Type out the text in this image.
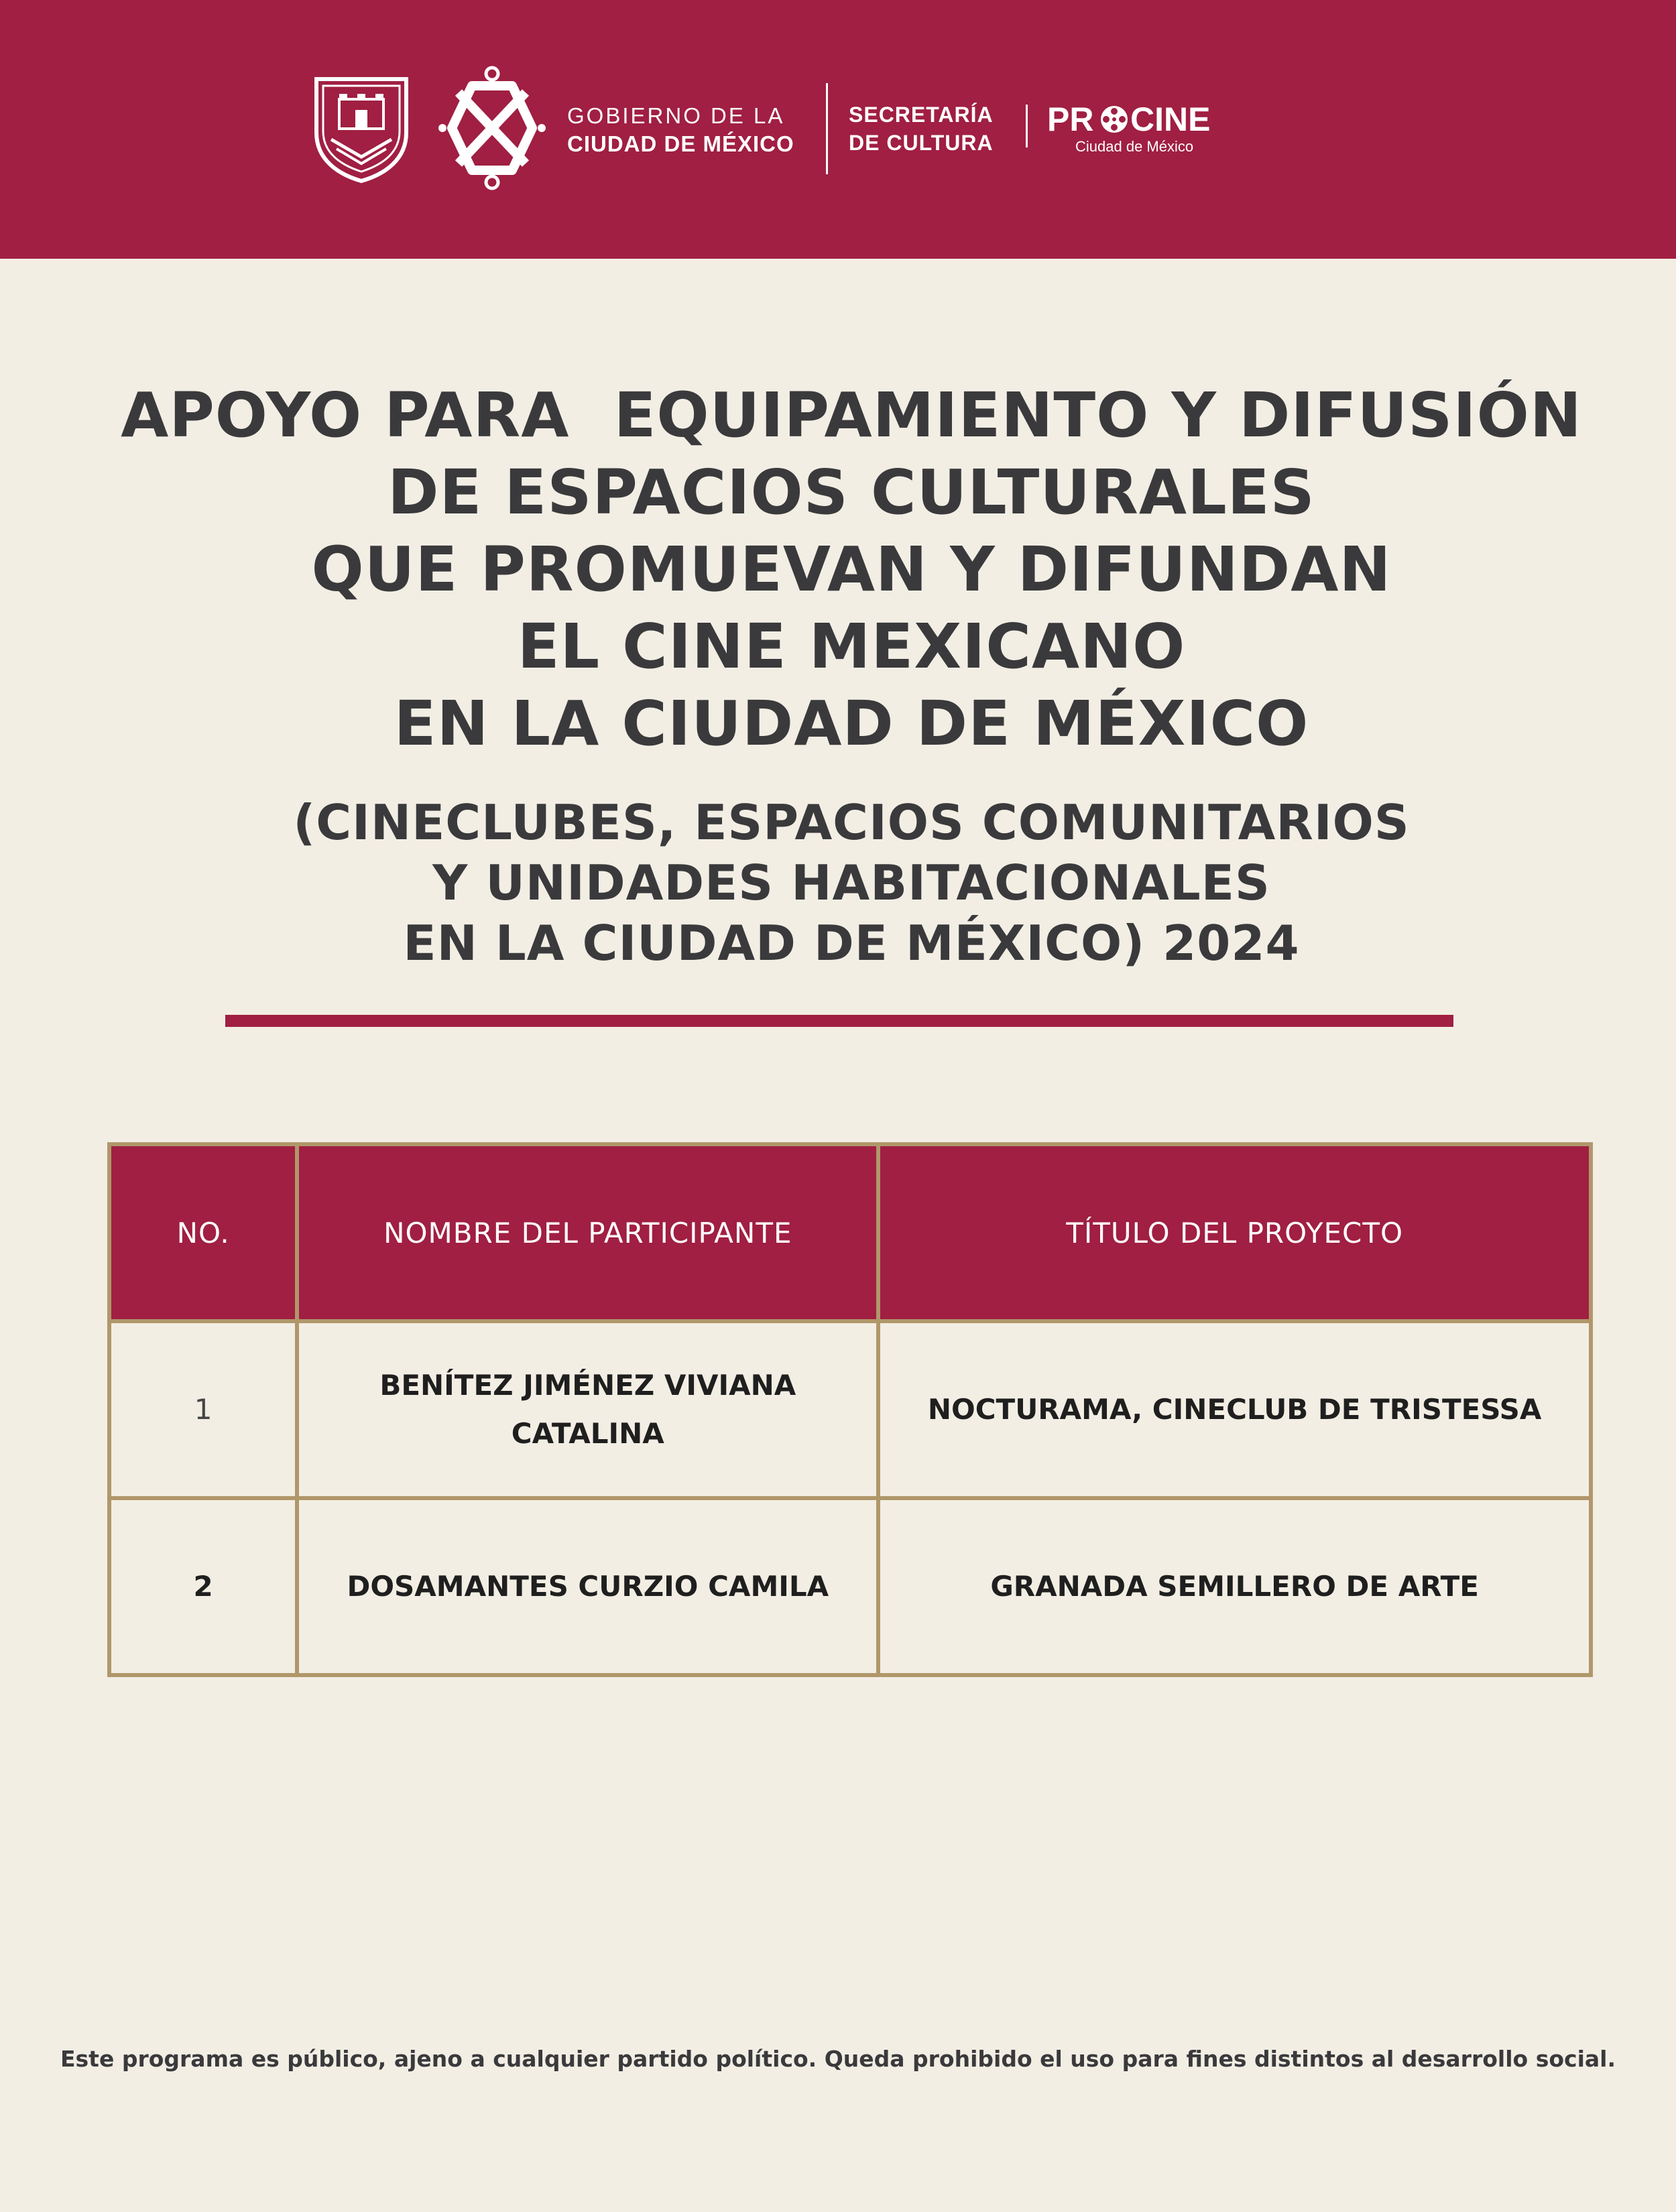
GOBIERNO DE LA
CIUDAD DE MÉXICO
SECRETARÍA
DE CULTURA
PR CINE
Ciudad de México
APOYO PARA  EQUIPAMIENTO Y DIFUSIÓN
DE ESPACIOS CULTURALES
QUE PROMUEVAN Y DIFUNDAN
EL CINE MEXICANO
EN LA CIUDAD DE MÉXICO
(CINECLUBES, ESPACIOS COMUNITARIOS
Y UNIDADES HABITACIONALES
EN LA CIUDAD DE MÉXICO) 2024
NO.	NOMBRE DEL PARTICIPANTE	TÍTULO DEL PROYECTO
1	BENÍTEZ JIMÉNEZ VIVIANA CATALINA	NOCTURAMA, CINECLUB DE TRISTESSA
2	DOSAMANTES CURZIO CAMILA	GRANADA SEMILLERO DE ARTE
Este programa es público, ajeno a cualquier partido político. Queda prohibido el uso para fines distintos al desarrollo social.
